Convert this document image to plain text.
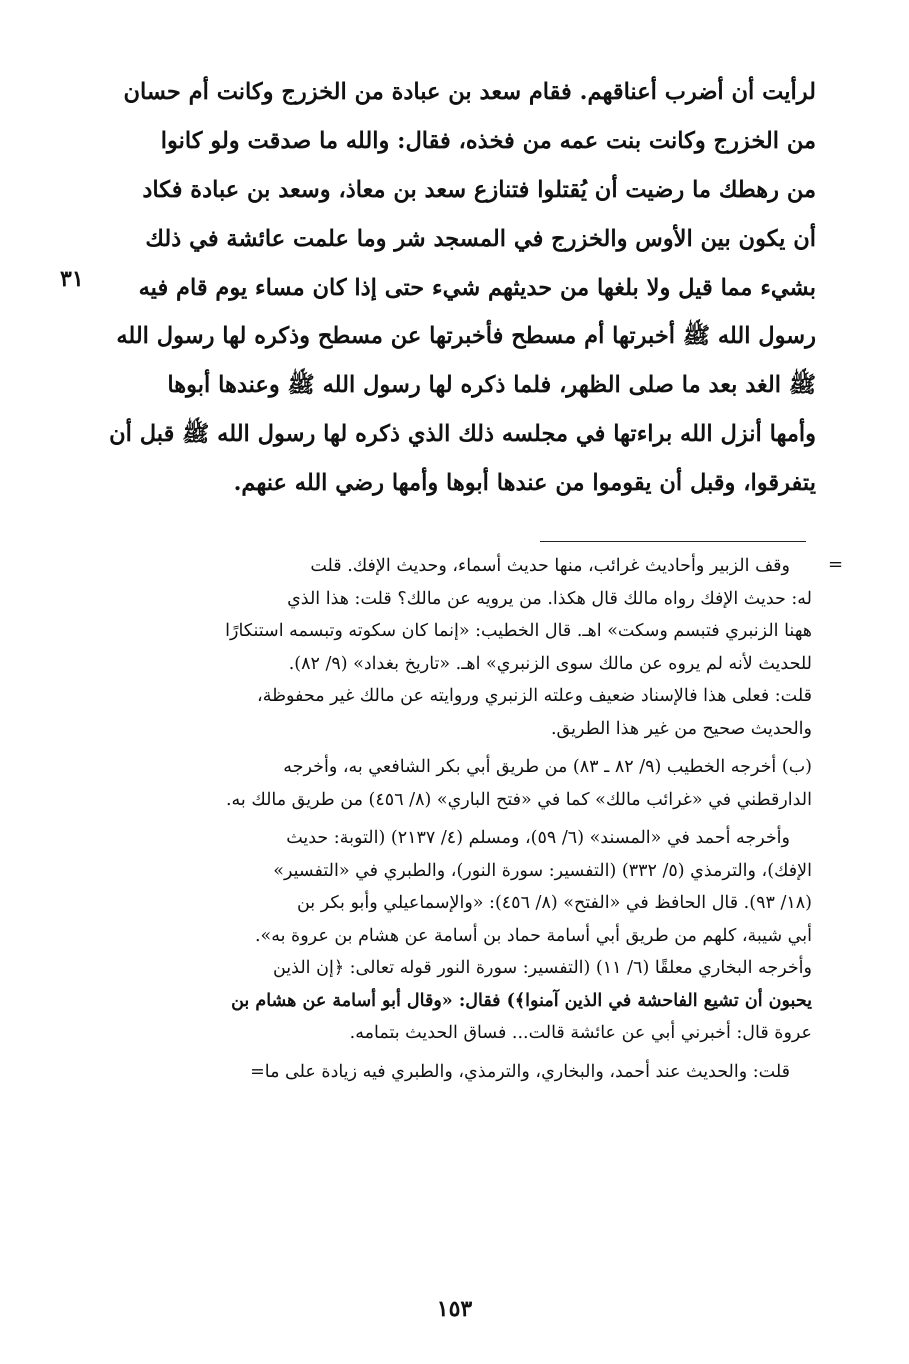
لرأيت أن أضرب أعناقهم. فقام سعد بن عبادة من الخزرج وكانت أم حسان
من الخزرج وكانت بنت عمه من فخذه، فقال: والله ما صدقت ولو كانوا
من رهطك ما رضيت أن يُقتلوا فتنازع سعد بن معاذ، وسعد بن عبادة فكاد
أن يكون بين الأوس والخزرج في المسجد شر وما علمت عائشة في ذلك
بشيء مما قيل ولا بلغها من حديثهم شيء حتى إذا كان مساء يوم قام فيه
رسول الله ﷺ أخبرتها أم مسطح فأخبرتها عن مسطح وذكره لها رسول الله
ﷺ الغد بعد ما صلى الظهر، فلما ذكره لها رسول الله ﷺ وعندها أبوها
وأمها أنزل الله براءتها في مجلسه ذلك الذي ذكره لها رسول الله ﷺ قبل أن
يتفرقوا، وقبل أن يقوموا من عندها أبوها وأمها رضي الله عنهم.
٣١
=
وقف الزبير وأحاديث غرائب، منها حديث أسماء، وحديث الإفك. قلت
له: حديث الإفك رواه مالك قال هكذا. من يرويه عن مالك؟ قلت: هذا الذي
ههنا الزنبري فتبسم وسكت» اهـ. قال الخطيب: «إنما كان سكوته وتبسمه استنكارًا
للحديث لأنه لم يروه عن مالك سوى الزنبري» اهـ. «تاريخ بغداد» (٩/ ٨٢).
قلت: فعلى هذا فالإسناد ضعيف وعلته الزنبري وروايته عن مالك غير محفوظة،
والحديث صحيح من غير هذا الطريق.
(ب) أخرجه الخطيب (٩/ ٨٢ ـ ٨٣) من طريق أبي بكر الشافعي به، وأخرجه
الدارقطني في «غرائب مالك» كما في «فتح الباري» (٨/ ٤٥٦) من طريق مالك به.
وأخرجه أحمد في «المسند» (٦/ ٥٩)، ومسلم (٤/ ٢١٣٧) (التوبة: حديث
الإفك)، والترمذي (٥/ ٣٣٢) (التفسير: سورة النور)، والطبري في «التفسير»
(١٨/ ٩٣). قال الحافظ في «الفتح» (٨/ ٤٥٦): «والإسماعيلي وأبو بكر بن
أبي شيبة، كلهم من طريق أبي أسامة حماد بن أسامة عن هشام بن عروة به».
وأخرجه البخاري معلقًا (٦/ ١١) (التفسير: سورة النور قوله تعالى: ﴿إن الذين
يحبون أن تشيع الفاحشة في الذين آمنوا﴾) فقال: «وقال أبو أسامة عن هشام بن
عروة قال: أخبرني أبي عن عائشة قالت... فساق الحديث بتمامه.
قلت: والحديث عند أحمد، والبخاري، والترمذي، والطبري فيه زيادة على ما=
١٥٣
